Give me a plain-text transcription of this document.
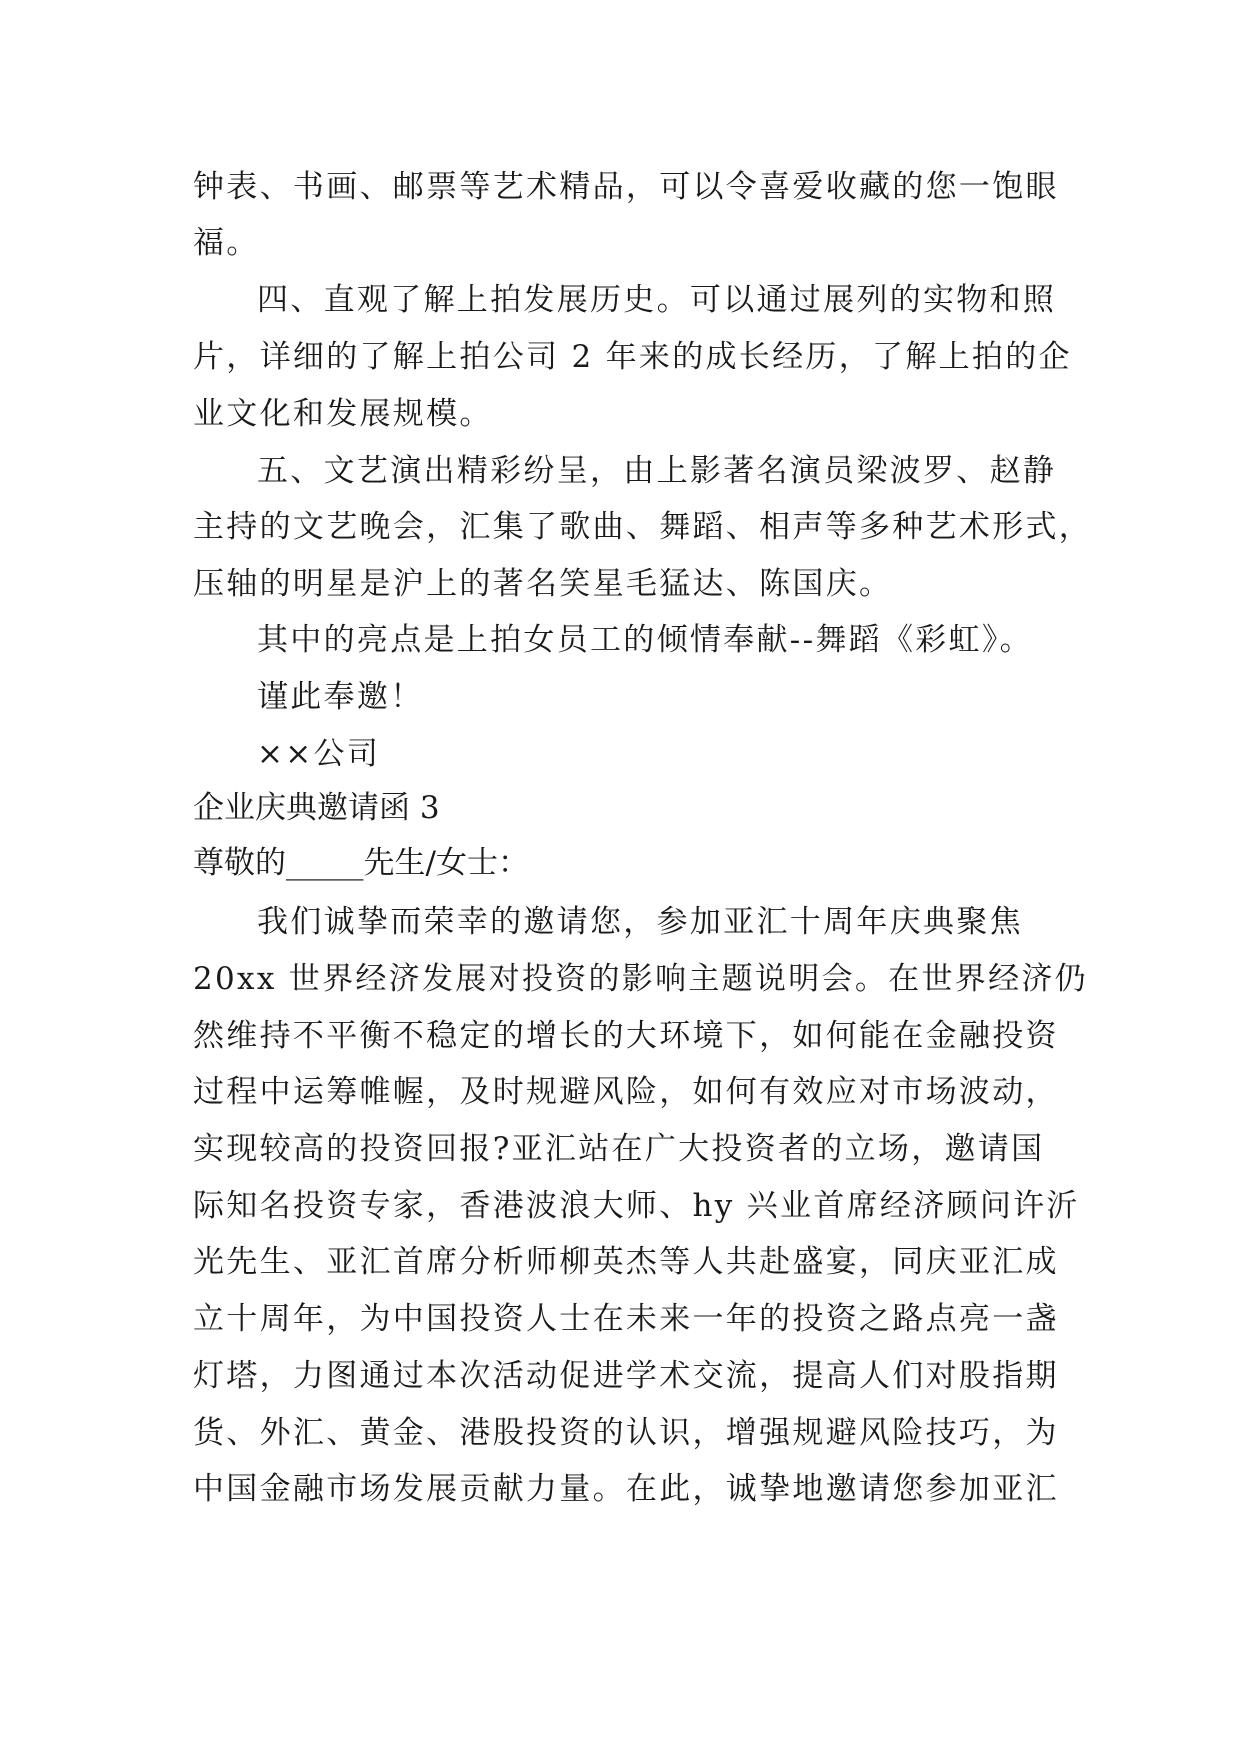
钟表、书画、邮票等艺术精品，可以令喜爱收藏的您一饱眼
福。
四、直观了解上拍发展历史。可以通过展列的实物和照
片，详细的了解上拍公司 2 年来的成长经历，了解上拍的企
业文化和发展规模。
五、文艺演出精彩纷呈，由上影著名演员梁波罗、赵静
主持的文艺晚会，汇集了歌曲、舞蹈、相声等多种艺术形式，
压轴的明星是沪上的著名笑星毛猛达、陈国庆。
其中的亮点是上拍女员工的倾情奉献--舞蹈《彩虹》。
谨此奉邀！
××公司
企业庆典邀请函 3
尊敬的_____先生/女士：
我们诚挚而荣幸的邀请您，参加亚汇十周年庆典聚焦
20xx 世界经济发展对投资的影响主题说明会。在世界经济仍
然维持不平衡不稳定的增长的大环境下，如何能在金融投资
过程中运筹帷幄，及时规避风险，如何有效应对市场波动，
实现较高的投资回报?亚汇站在广大投资者的立场，邀请国
际知名投资专家，香港波浪大师、hy 兴业首席经济顾问许沂
光先生、亚汇首席分析师柳英杰等人共赴盛宴，同庆亚汇成
立十周年，为中国投资人士在未来一年的投资之路点亮一盏
灯塔，力图通过本次活动促进学术交流，提高人们对股指期
货、外汇、黄金、港股投资的认识，增强规避风险技巧，为
中国金融市场发展贡献力量。在此，诚挚地邀请您参加亚汇
